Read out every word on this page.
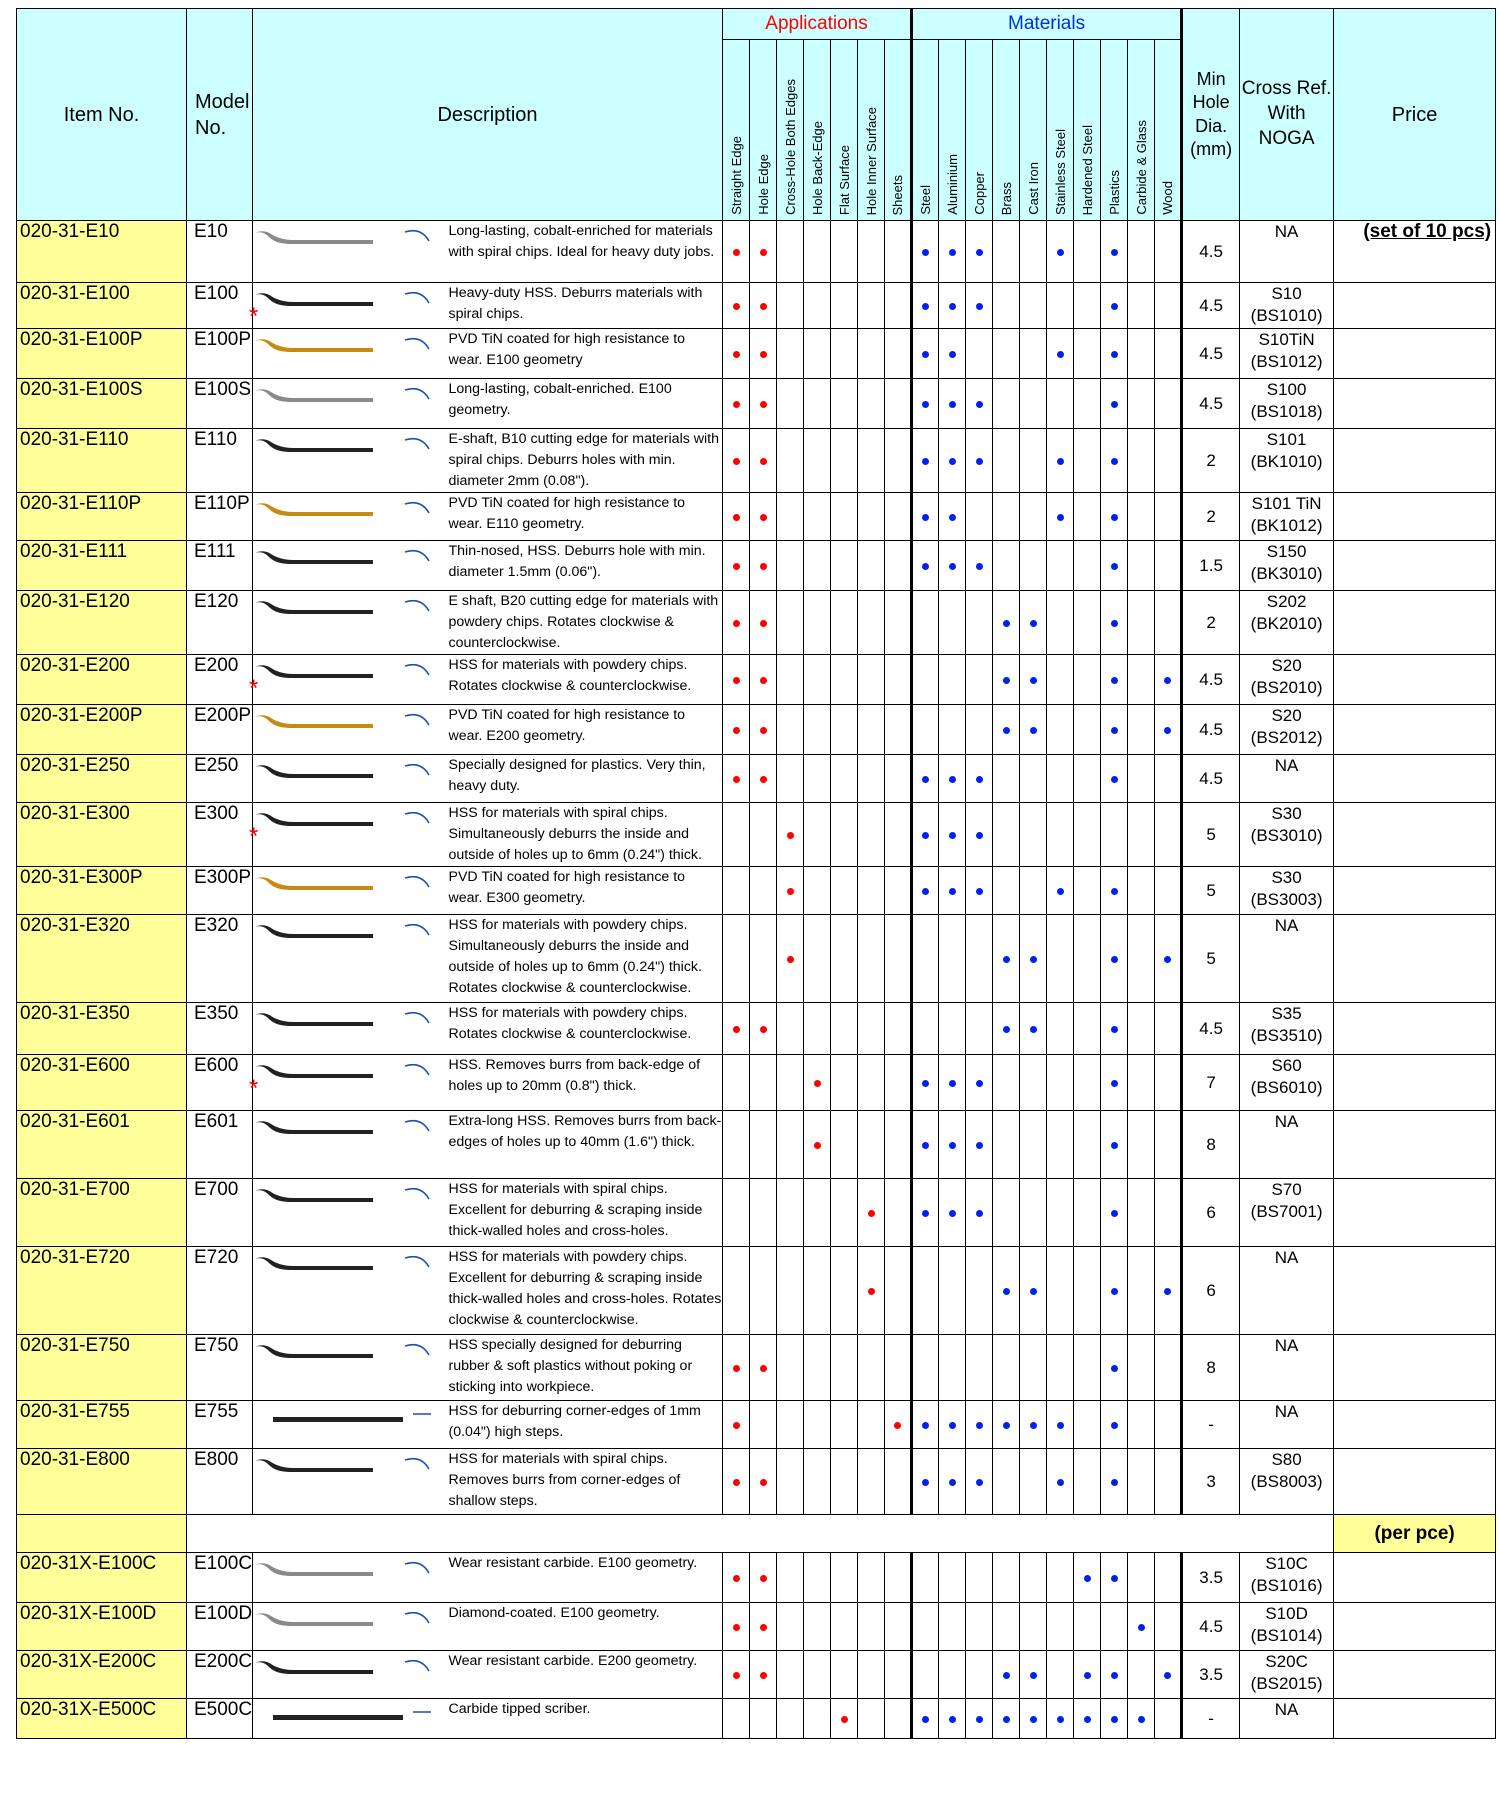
Item No.	Model No.	Description		Applications							Materials										Min Hole Dia. (mm)	Cross Ref. With NOGA	Price
				Straight Edge	Hole Edge	Cross-Hole Both Edges	Hole Back-Edge	Flat Surface	Hole Inner Surface	Sheets	Steel	Aluminium	Copper	Brass	Cast Iron	Stainless Steel	Hardened Steel	Plastics	Carbide & Glass	Wood			
020-31-E10	E10		Long-lasting, cobalt-enriched for materials with spiral chips. Ideal for heavy duty jobs.																		4.5	NA	(set of 10 pcs)
020-31-E100	E100	*	Heavy-duty HSS. Deburrs materials with spiral chips.																		4.5	S10 (BS1010)	
020-31-E100P	E100P		PVD TiN coated for high resistance to wear. E100 geometry																		4.5	S10TiN (BS1012)	
020-31-E100S	E100S		Long-lasting, cobalt-enriched. E100 geometry.																		4.5	S100 (BS1018)	
020-31-E110	E110		E-shaft, B10 cutting edge for materials with spiral chips. Deburrs holes with min. diameter 2mm (0.08").																		2	S101 (BK1010)	
020-31-E110P	E110P		PVD TiN coated for high resistance to wear. E110 geometry.																		2	S101 TiN (BK1012)	
020-31-E111	E111		Thin-nosed, HSS. Deburrs hole with min. diameter 1.5mm (0.06").																		1.5	S150 (BK3010)	
020-31-E120	E120		E shaft, B20 cutting edge for materials with powdery chips. Rotates clockwise & counterclockwise.																		2	S202 (BK2010)	
020-31-E200	E200	*	HSS for materials with powdery chips. Rotates clockwise & counterclockwise.																		4.5	S20 (BS2010)	
020-31-E200P	E200P		PVD TiN coated for high resistance to wear. E200 geometry.																		4.5	S20 (BS2012)	
020-31-E250	E250		Specially designed for plastics. Very thin, heavy duty.																		4.5	NA	
020-31-E300	E300	*	HSS for materials with spiral chips. Simultaneously deburrs the inside and outside of holes up to 6mm (0.24") thick.																		5	S30 (BS3010)	
020-31-E300P	E300P		PVD TiN coated for high resistance to wear. E300 geometry.																		5	S30 (BS3003)	
020-31-E320	E320		HSS for materials with powdery chips. Simultaneously deburrs the inside and outside of holes up to 6mm (0.24") thick. Rotates clockwise & counterclockwise.																		5	NA	
020-31-E350	E350		HSS for materials with powdery chips. Rotates clockwise & counterclockwise.																		4.5	S35 (BS3510)	
020-31-E600	E600	*	HSS. Removes burrs from back-edge of holes up to 20mm (0.8") thick.																		7	S60 (BS6010)	
020-31-E601	E601		Extra-long HSS. Removes burrs from back-edges of holes up to 40mm (1.6") thick.																		8	NA	
020-31-E700	E700		HSS for materials with spiral chips. Excellent for deburring & scraping inside thick-walled holes and cross-holes.																		6	S70 (BS7001)	
020-31-E720	E720		HSS for materials with powdery chips. Excellent for deburring & scraping inside thick-walled holes and cross-holes. Rotates clockwise & counterclockwise.																		6	NA	
020-31-E750	E750		HSS specially designed for deburring rubber & soft plastics without poking or sticking into workpiece.																		8	NA	
020-31-E755	E755		HSS for deburring corner-edges of 1mm (0.04") high steps.																		-	NA	
020-31-E800	E800		HSS for materials with spiral chips. Removes burrs from corner-edges of shallow steps.																		3	S80 (BS8003)	
																							(per pce)
020-31X-E100C	E100C		Wear resistant carbide. E100 geometry.																		3.5	S10C (BS1016)	
020-31X-E100D	E100D		Diamond-coated. E100 geometry.																		4.5	S10D (BS1014)	
020-31X-E200C	E200C		Wear resistant carbide. E200 geometry.																		3.5	S20C (BS2015)	
020-31X-E500C	E500C		Carbide tipped scriber.																		-	NA	
